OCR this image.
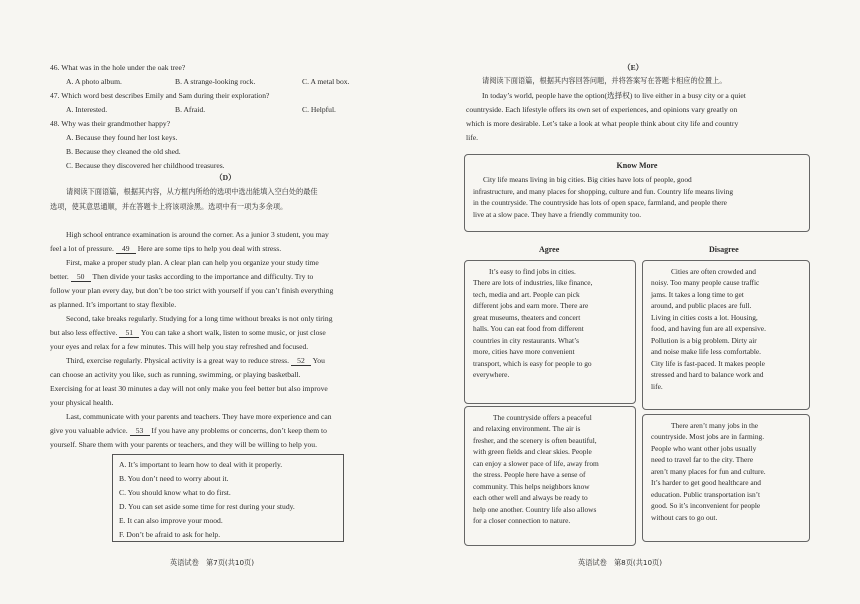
46. What was in the hole under the oak tree?
A. A photo album.	B. A strange-looking rock.	C. A metal box.
47. Which word best describes Emily and Sam during their exploration?
A. Interested.	B. Afraid.	C. Helpful.
48. Why was their grandmother happy?
A. Because they found her lost keys.
B. Because they cleaned the old shed.
C. Because they discovered her childhood treasures.
（D）
请阅读下面语篇，根据其内容，从方框内所给的选项中选出能填入空白处的最佳
选项，使其意思通顺，并在答题卡上将该项涂黑。选项中有一项为多余项。
High school entrance examination is around the corner. As a junior 3 student, you may
feel a lot of pressure. 49 Here are some tips to help you deal with stress.
First, make a proper study plan. A clear plan can help you organize your study time
better. 50 Then divide your tasks according to the importance and difficulty. Try to
follow your plan every day, but don’t be too strict with yourself if you can’t finish everything
as planned. It’s important to stay flexible.
Second, take breaks regularly. Studying for a long time without breaks is not only tiring
but also less effective. 51 You can take a short walk, listen to some music, or just close
your eyes and relax for a few minutes. This will help you stay refreshed and focused.
Third, exercise regularly. Physical activity is a great way to reduce stress. 52 You
can choose an activity you like, such as running, swimming, or playing basketball.
Exercising for at least 30 minutes a day will not only make you feel better but also improve
your physical health.
Last, communicate with your parents and teachers. They have more experience and can
give you valuable advice. 53 If you have any problems or concerns, don’t keep them to
yourself. Share them with your parents or teachers, and they will be willing to help you.
A. It’s important to learn how to deal with it properly.
B. You don’t need to worry about it.
C. You should know what to do first.
D. You can set aside some time for rest during your study.
E. It can also improve your mood.
F. Don’t be afraid to ask for help.
英语试卷　第7页(共10页)
（E）
请阅读下面语篇，根据其内容回答问题，并将答案写在答题卡相应的位置上。
In today’s world, people have the option(选择权) to live either in a busy city or a quiet
countryside. Each lifestyle offers its own set of experiences, and opinions vary greatly on
which is more desirable. Let’s take a look at what people think about city life and country
life.
Know More
City life means living in big cities. Big cities have lots of people, good
infrastructure, and many places for shopping, culture and fun. Country life means living
in the countryside. The countryside has lots of open space, farmland, and people there
live at a slow pace. They have a friendly community too.
Agree	Disagree
It’s easy to find jobs in cities.
There are lots of industries, like finance,
tech, media and art. People can pick
different jobs and earn more. There are
great museums, theaters and concert
halls. You can eat food from different
countries in city restaurants. What’s
more, cities have more convenient
transport, which is easy for people to go
everywhere.
Cities are often crowded and
noisy. Too many people cause traffic
jams. It takes a long time to get
around, and public places are full.
Living in cities costs a lot. Housing,
food, and having fun are all expensive.
Pollution is a big problem. Dirty air
and noise make life less comfortable.
City life is fast-paced. It makes people
stressed and hard to balance work and
life.
The countryside offers a peaceful
and relaxing environment. The air is
fresher, and the scenery is often beautiful,
with green fields and clear skies. People
can enjoy a slower pace of life, away from
the stress. People here have a sense of
community. This helps neighbors know
each other well and always be ready to
help one another. Country life also allows
for a closer connection to nature.
There aren’t many jobs in the
countryside. Most jobs are in farming.
People who want other jobs usually
need to travel far to the city. There
aren’t many places for fun and culture.
It’s harder to get good healthcare and
education. Public transportation isn’t
good. So it’s inconvenient for people
without cars to go out.
英语试卷　第8页(共10页)
